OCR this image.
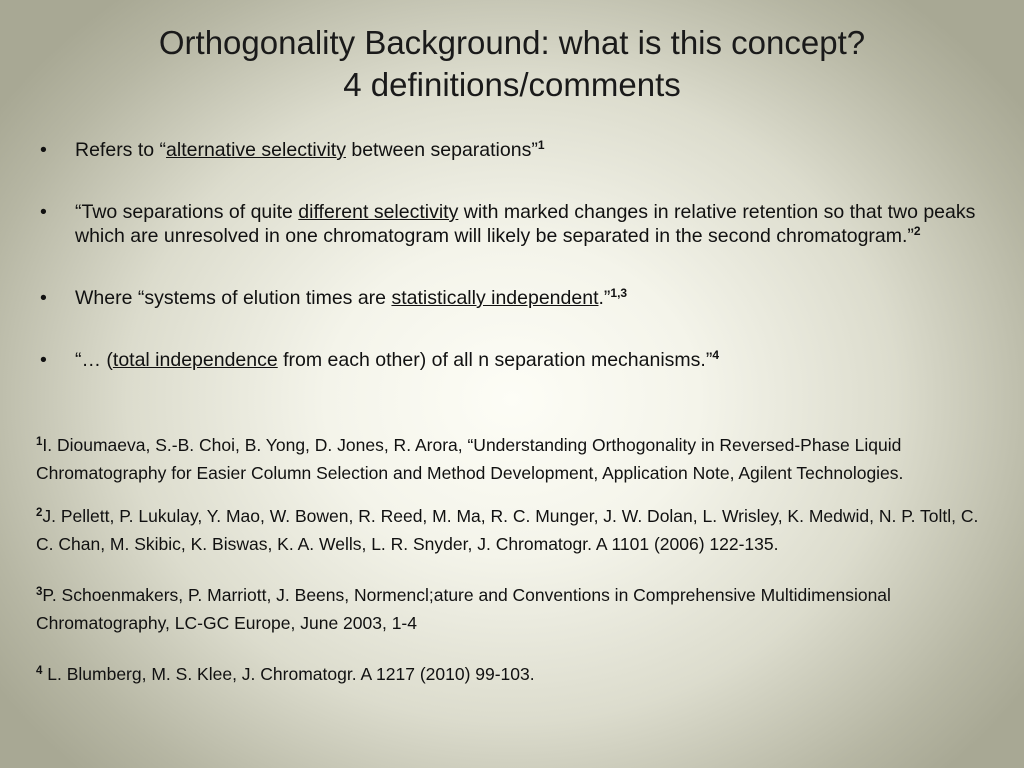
Orthogonality Background: what is this concept?
4 definitions/comments
•	Refers to “alternative selectivity between separations”$^1$
•	“Two separations of quite different selectivity with marked changes in relative retention so that two peaks which are unresolved in one chromatogram will likely be separated in the second chromatogram.”$^2$
•	Where “systems of elution times are statistically independent.”$^{1,3}$
•	“… (total independence from each other) of all n separation mechanisms.”$^4$

$^1$I. Dioumaeva, S.-B. Choi, B. Yong, D. Jones, R. Arora, “Understanding Orthogonality in Reversed-Phase Liquid Chromatography for Easier Column Selection and Method Development, Application Note, Agilent Technologies.

$^2$J. Pellett, P. Lukulay, Y. Mao, W. Bowen, R. Reed, M. Ma, R. C. Munger, J. W. Dolan, L. Wrisley, K. Medwid, N. P. Toltl, C. C. Chan, M. Skibic, K. Biswas, K. A. Wells, L. R. Snyder, J. Chromatogr. A 1101 (2006) 122-135.

$^3$P. Schoenmakers, P. Marriott, J. Beens, Normencl;ature and Conventions in Comprehensive Multidimensional Chromatography, LC-GC Europe, June 2003, 1-4

$^4$ L. Blumberg, M. S. Klee, J. Chromatogr. A 1217 (2010) 99-103.
